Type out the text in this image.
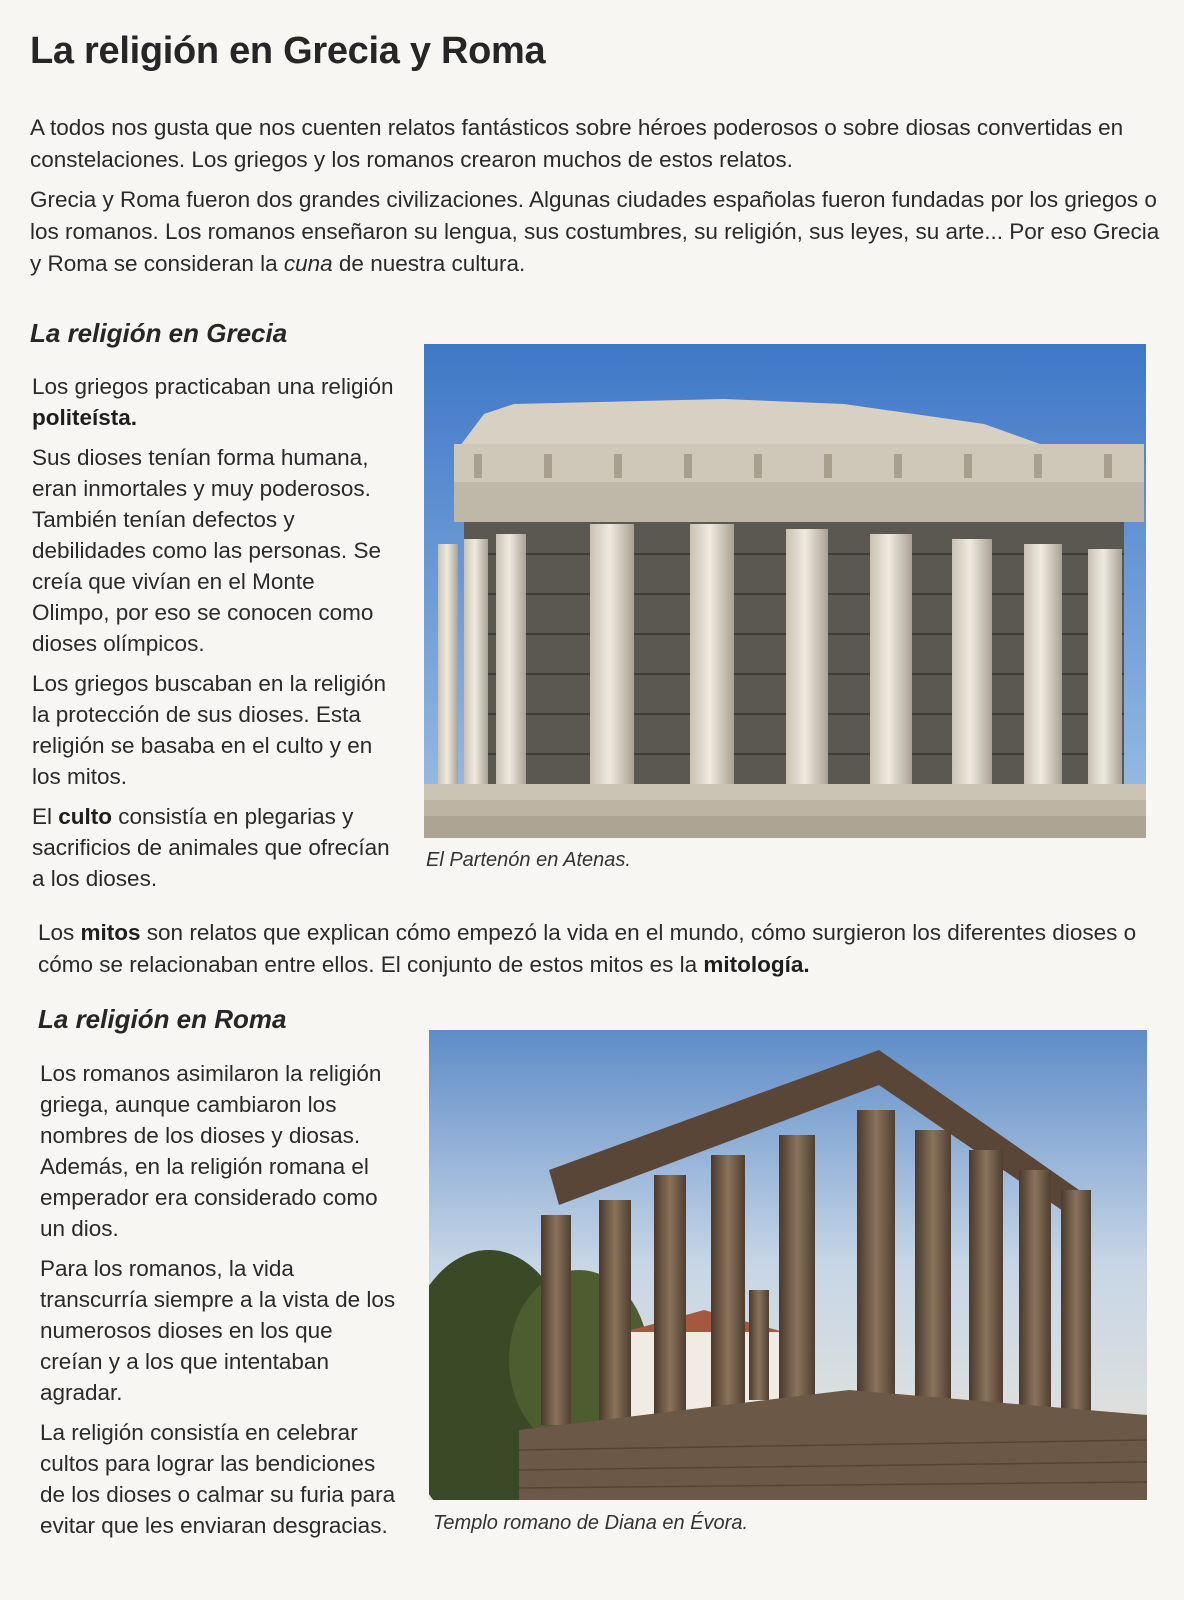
La religión en Grecia y Roma

A todos nos gusta que nos cuenten relatos fantásticos sobre héroes poderosos o sobre diosas convertidas en constelaciones. Los griegos y los romanos crearon muchos de estos relatos.

Grecia y Roma fueron dos grandes civilizaciones. Algunas ciudades españolas fueron fundadas por los griegos o los romanos. Los romanos enseñaron su lengua, sus costumbres, su religión, sus leyes, su arte... Por eso Grecia y Roma se consideran la cuna de nuestra cultura.

La religión en Grecia

Los griegos practicaban una religión politeísta.

Sus dioses tenían forma humana, eran inmortales y muy poderosos. También tenían defectos y debilidades como las personas. Se creía que vivían en el Monte Olimpo, por eso se conocen como dioses olímpicos.

Los griegos buscaban en la religión la protección de sus dioses. Esta religión se basaba en el culto y en los mitos.

El culto consistía en plegarias y sacrificios de animales que ofrecían a los dioses.

El Partenón en Atenas.

Los mitos son relatos que explican cómo empezó la vida en el mundo, cómo surgieron los diferentes dioses o cómo se relacionaban entre ellos. El conjunto de estos mitos es la mitología.

La religión en Roma

Los romanos asimilaron la religión griega, aunque cambiaron los nombres de los dioses y diosas. Además, en la religión romana el emperador era considerado como un dios.

Para los romanos, la vida transcurría siempre a la vista de los numerosos dioses en los que creían y a los que intentaban agradar.

La religión consistía en celebrar cultos para lograr las bendiciones de los dioses o calmar su furia para evitar que les enviaran desgracias.	Templo romano de Diana en Évora.
